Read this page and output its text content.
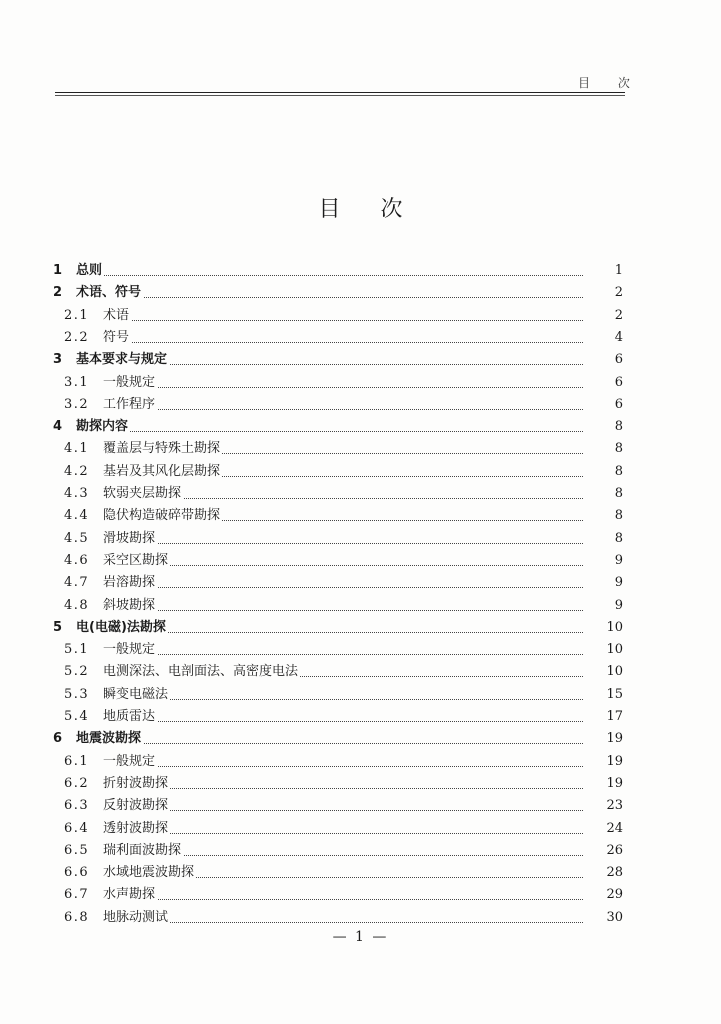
目 次
目次
1 总则	1
2 术语、符号	2
2.1 术语	2
2.2 符号	4
3 基本要求与规定	6
3.1 一般规定	6
3.2 工作程序	6
4 勘探内容	8
4.1 覆盖层与特殊土勘探	8
4.2 基岩及其风化层勘探	8
4.3 软弱夹层勘探	8
4.4 隐伏构造破碎带勘探	8
4.5 滑坡勘探	8
4.6 采空区勘探	9
4.7 岩溶勘探	9
4.8 斜坡勘探	9
5 电(电磁)法勘探	10
5.1 一般规定	10
5.2 电测深法、电剖面法、高密度电法	10
5.3 瞬变电磁法	15
5.4 地质雷达	17
6 地震波勘探	19
6.1 一般规定	19
6.2 折射波勘探	19
6.3 反射波勘探	23
6.4 透射波勘探	24
6.5 瑞利面波勘探	26
6.6 水域地震波勘探	28
6.7 水声勘探	29
6.8 地脉动测试	30
— 1 —
